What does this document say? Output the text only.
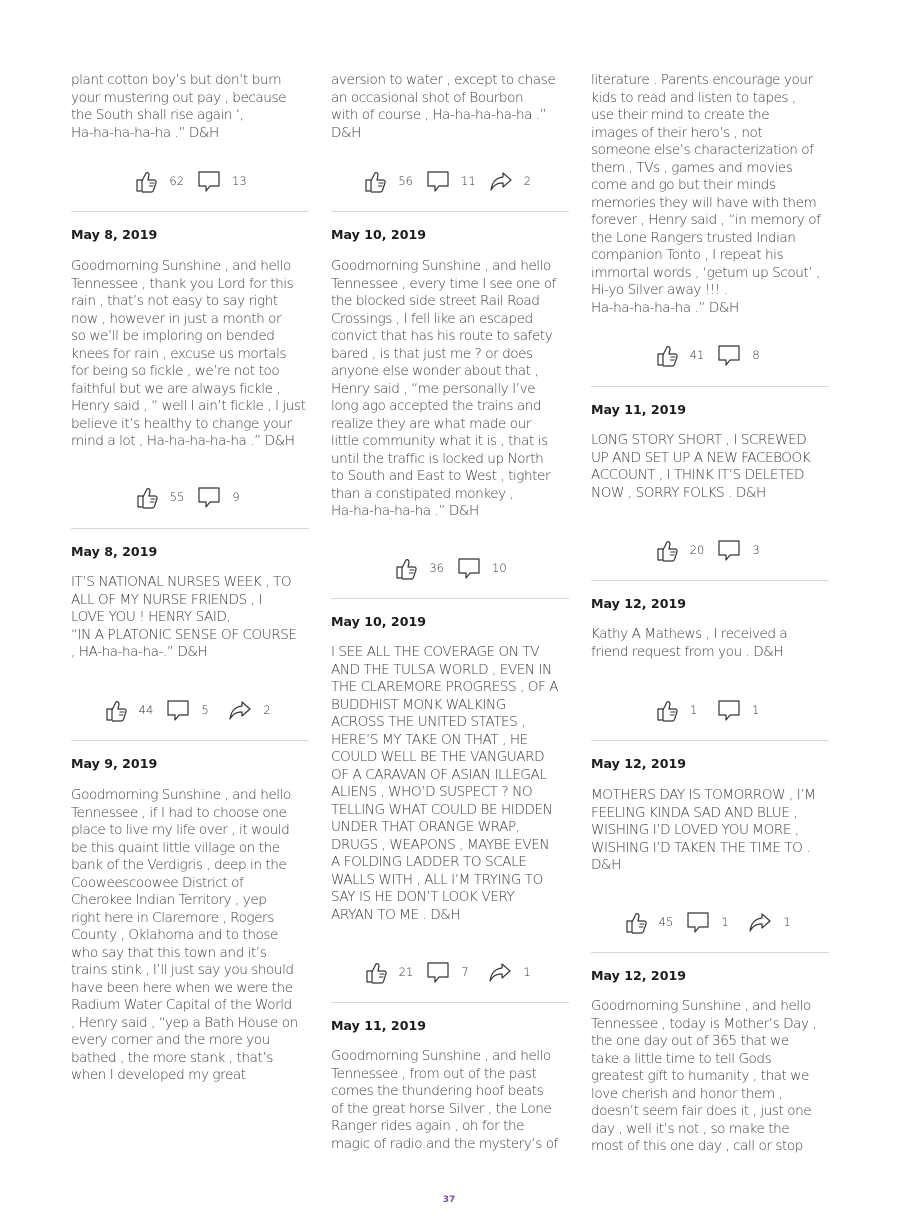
plant cotton boy’s but don’t burn
your mustering out pay , because
the South shall rise again ‘,
Ha-ha-ha-ha-ha .” D&H

62	13

May 8, 2019

Goodmorning Sunshine , and hello
Tennessee , thank you Lord for this
rain , that’s not easy to say right
now , however in just a month or
so we’ll be imploring on bended
knees for rain , excuse us mortals
for being so fickle , we’re not too
faithful but we are always fickle ,
Henry said , “ well I ain’t fickle , I just
believe it’s healthy to change your
mind a lot , Ha-ha-ha-ha-ha .” D&H

55	9

May 8, 2019

IT’S NATIONAL NURSES WEEK , TO
ALL OF MY NURSE FRIENDS , I
LOVE YOU ! HENRY SAID,
“IN A PLATONIC SENSE OF COURSE
, HA-ha-ha-ha-.” D&H

44	5	2

May 9, 2019

Goodmorning Sunshine , and hello
Tennessee , if I had to choose one
place to live my life over , it would
be this quaint little village on the
bank of the Verdigris , deep in the
Cooweescoowee District of
Cherokee Indian Territory , yep
right here in Claremore , Rogers
County , Oklahoma and to those
who say that this town and it’s
trains stink , I’ll just say you should
have been here when we were the
Radium Water Capital of the World
, Henry said , “yep a Bath House on
every corner and the more you
bathed , the more stank , that’s
when I developed my great

aversion to water , except to chase
an occasional shot of Bourbon
with of course , Ha-ha-ha-ha-ha .”
D&H

56	11	2

May 10, 2019

Goodmorning Sunshine , and hello
Tennessee , every time I see one of
the blocked side street Rail Road
Crossings , I fell like an escaped
convict that has his route to safety
bared , is that just me ? or does
anyone else wonder about that ,
Henry said , “me personally I’ve
long ago accepted the trains and
realize they are what made our
little community what it is , that is
until the traffic is locked up North
to South and East to West , tighter
than a constipated monkey ,
Ha-ha-ha-ha-ha .” D&H

36	10

May 10, 2019

I SEE ALL THE COVERAGE ON TV
AND THE TULSA WORLD , EVEN IN
THE CLAREMORE PROGRESS , OF A
BUDDHIST MONK WALKING
ACROSS THE UNITED STATES ,
HERE’S MY TAKE ON THAT , HE
COULD WELL BE THE VANGUARD
OF A CARAVAN OF ASIAN ILLEGAL
ALIENS , WHO’D SUSPECT ? NO
TELLING WHAT COULD BE HIDDEN
UNDER THAT ORANGE WRAP,
DRUGS , WEAPONS , MAYBE EVEN
A FOLDING LADDER TO SCALE
WALLS WITH , ALL I’M TRYING TO
SAY IS HE DON’T LOOK VERY
ARYAN TO ME . D&H

21	7	1

May 11, 2019

Goodmorning Sunshine , and hello
Tennessee , from out of the past
comes the thundering hoof beats
of the great horse Silver , the Lone
Ranger rides again , oh for the
magic of radio and the mystery’s of

literature . Parents encourage your
kids to read and listen to tapes ,
use their mind to create the
images of their hero’s , not
someone else’s characterization of
them , TVs , games and movies
come and go but their minds
memories they will have with them
forever , Henry said , “in memory of
the Lone Rangers trusted Indian
companion Tonto , I repeat his
immortal words , ‘getum up Scout’ ,
Hi-yo Silver away !!! .
Ha-ha-ha-ha-ha .” D&H

41	8

May 11, 2019

LONG STORY SHORT , I SCREWED
UP AND SET UP A NEW FACEBOOK
ACCOUNT , I THINK IT’S DELETED
NOW , SORRY FOLKS . D&H

20	3

May 12, 2019

Kathy A Mathews , I received a
friend request from you . D&H

1	1

May 12, 2019

MOTHERS DAY IS TOMORROW , I’M
FEELING KINDA SAD AND BLUE ,
WISHING I’D LOVED YOU MORE ,
WISHING I’D TAKEN THE TIME TO .
D&H

45	1	1

May 12, 2019

Goodmorning Sunshine , and hello
Tennessee , today is Mother’s Day ,
the one day out of 365 that we
take a little time to tell Gods
greatest gift to humanity , that we
love cherish and honor them ,
doesn’t seem fair does it , just one
day , well it’s not , so make the
most of this one day , call or stop

37
